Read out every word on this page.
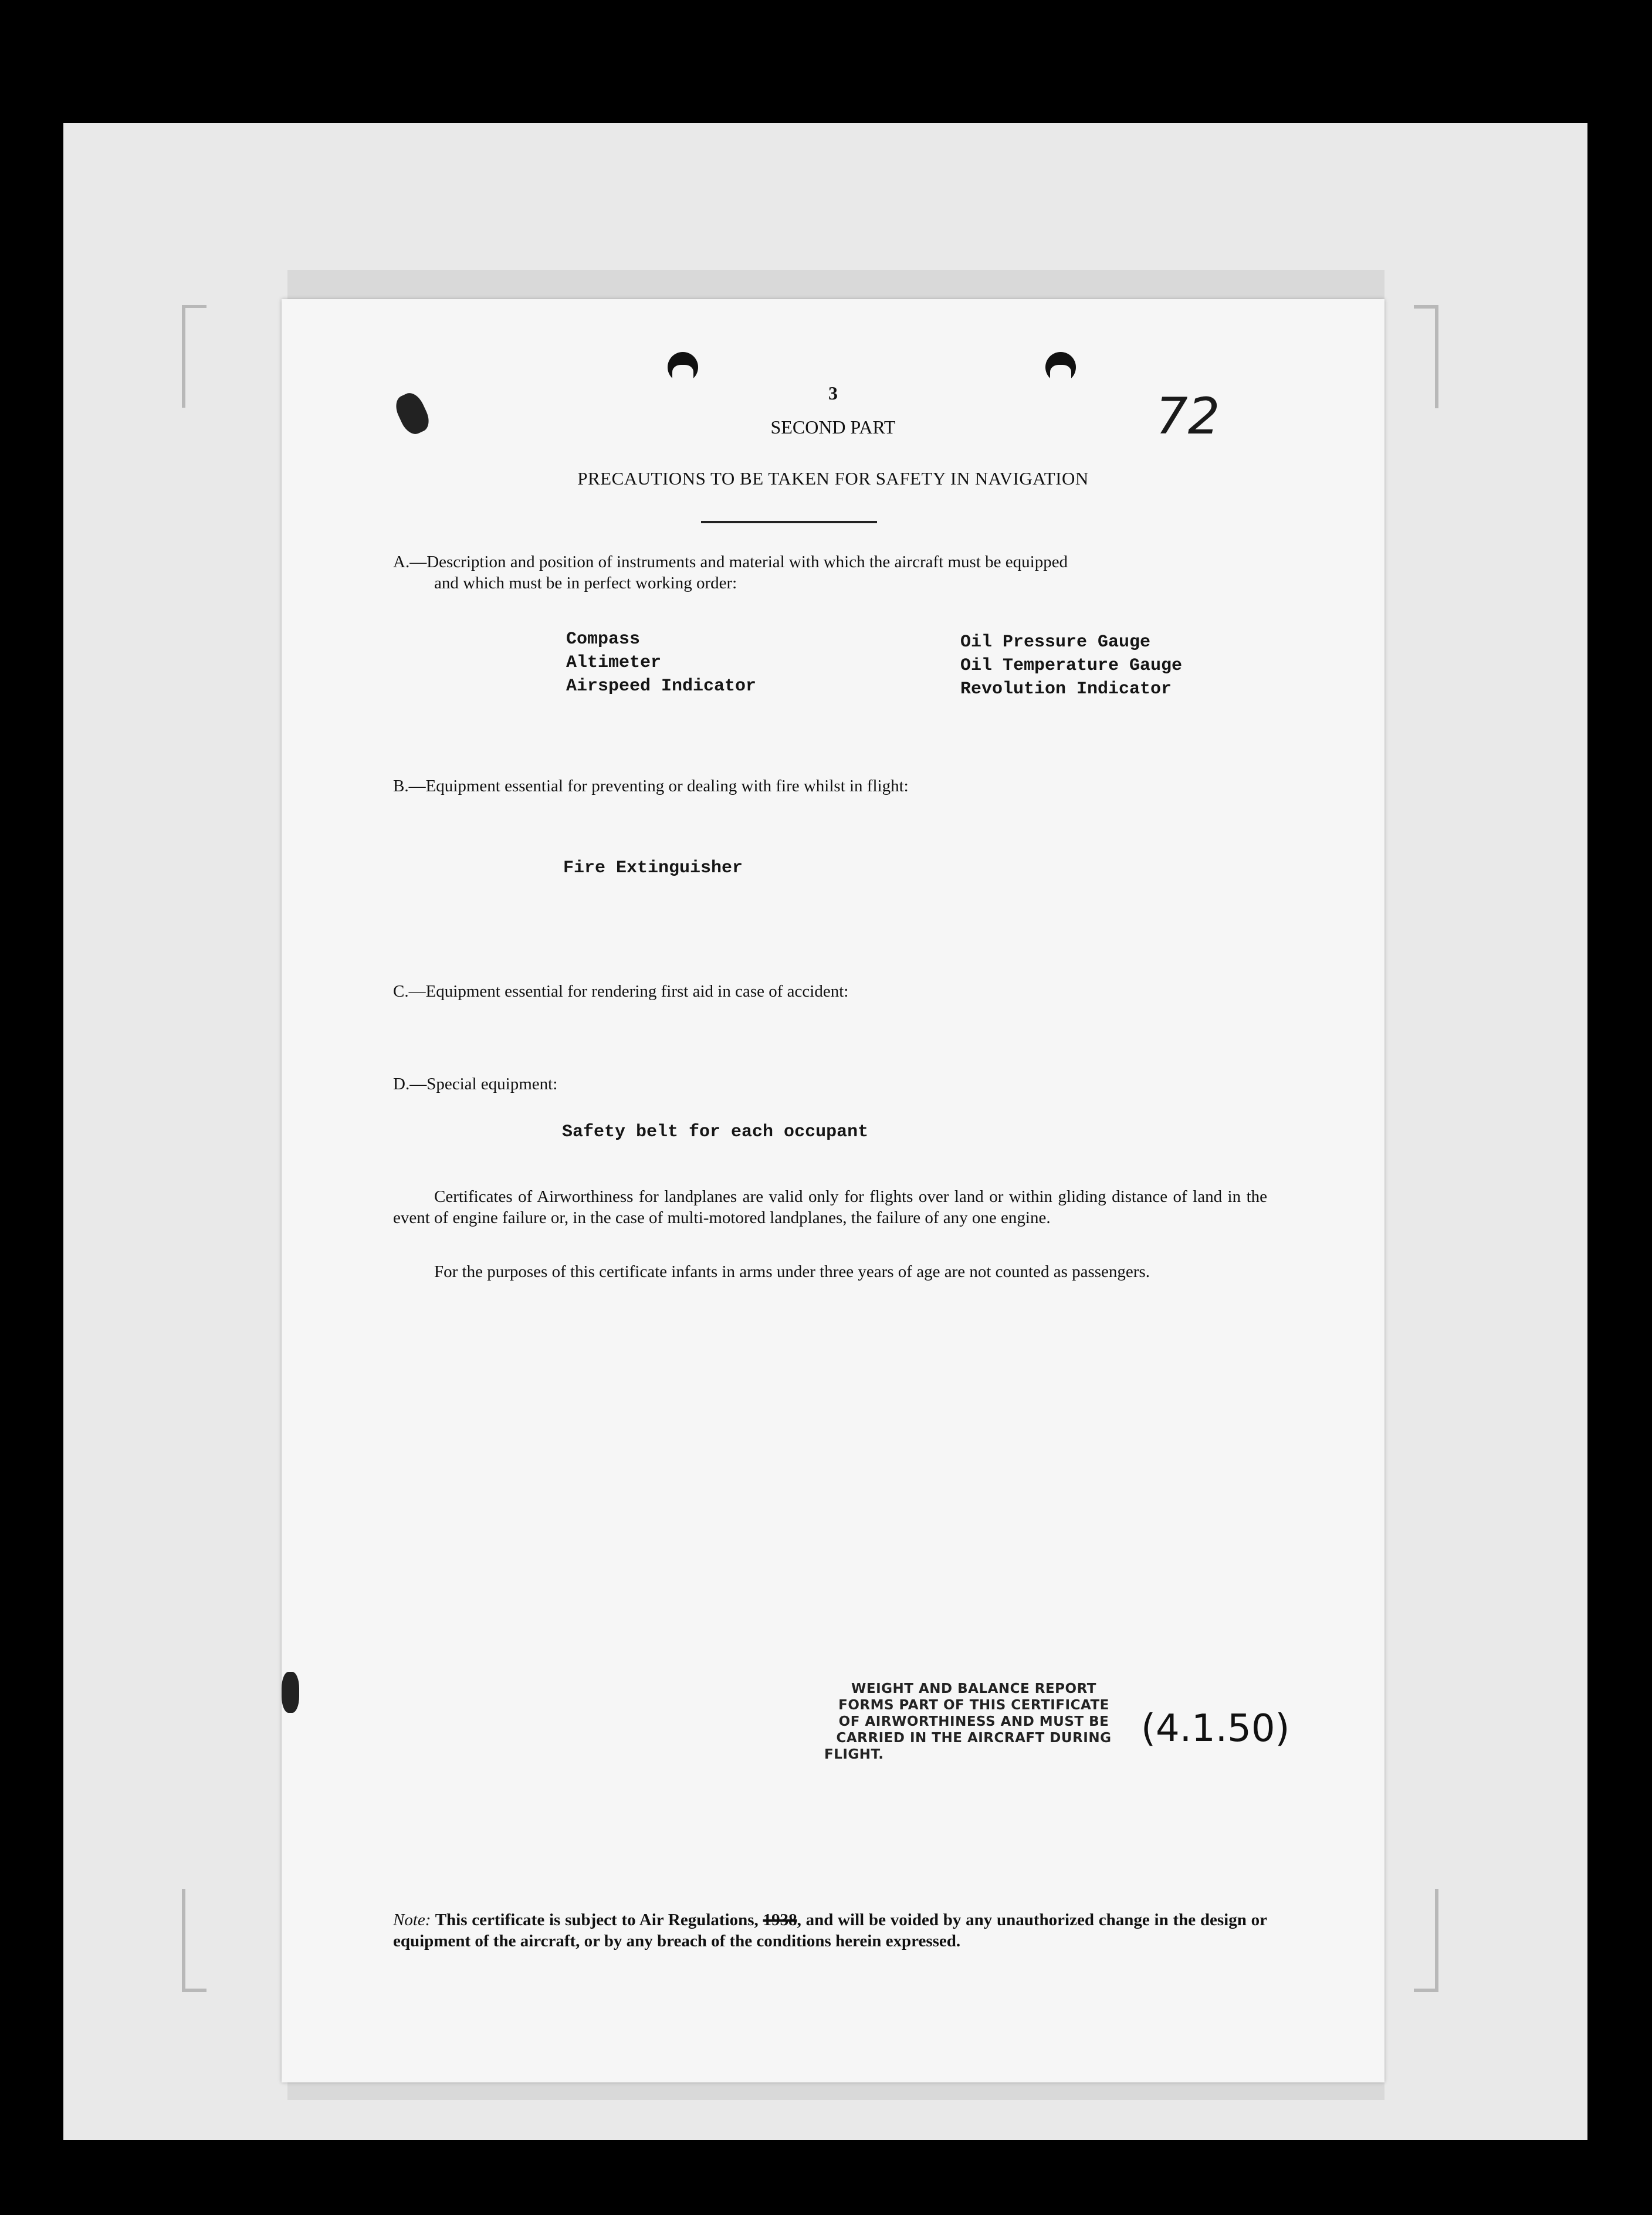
3	72
SECOND PART
PRECAUTIONS TO BE TAKEN FOR SAFETY IN NAVIGATION
A.—Description and position of instruments and material with which the aircraft must be equipped
and which must be in perfect working order:
Compass
Altimeter
Airspeed Indicator
Oil Pressure Gauge
Oil Temperature Gauge
Revolution Indicator
B.—Equipment essential for preventing or dealing with fire whilst in flight:
Fire Extinguisher
C.—Equipment essential for rendering first aid in case of accident:
D.—Special equipment:
Safety belt for each occupant
Certificates of Airworthiness for landplanes are valid only for flights over land or within gliding distance of land in the event of engine failure or, in the case of multi-motored landplanes, the failure of any one engine.
For the purposes of this certificate infants in arms under three years of age are not counted as passengers.
Note: This certificate is subject to Air Regulations, 1938, and will be voided by any unauthorized change in the design or equipment of the aircraft, or by any breach of the conditions herein expressed.
WEIGHT AND BALANCE REPORT
FORMS PART OF THIS CERTIFICATE
OF AIRWORTHINESS AND MUST BE
CARRIED IN THE AIRCRAFT DURING
FLIGHT.
(4.1.50)
